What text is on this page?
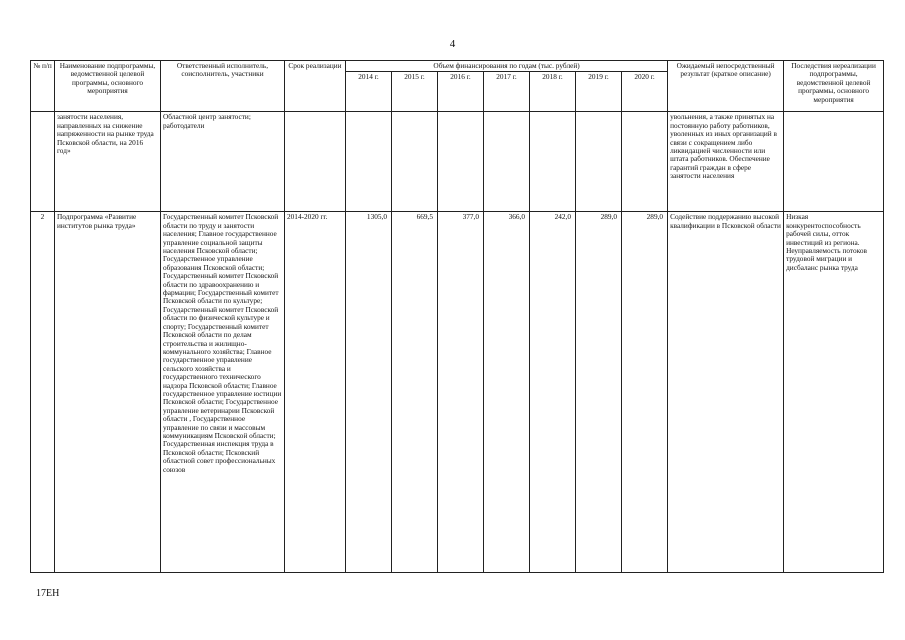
4
№ п/п	Наименование подпрограммы, ведомственной целевой программы, основного мероприятия	Ответственный исполнитель, соисполнитель, участники	Срок реализации	Объем финансирования по годам (тыс. рублей)							Ожидаемый непосредственный результат (краткое описание)	Последствия нереализации подпрограммы, ведомственной целевой программы, основного мероприятия
				2014 г.	2015 г.	2016 г.	2017 г.	2018 г.	2019 г.	2020 г.		
	занятости населения, направленных на снижение напряженности на рынке труда Псковской области, на 2016 год»	Областной центр занятости; работодатели									увольнения, а также принятых на постоянную работу работников, уволенных из иных организаций в связи с сокращением либо ликвидацией численности или штата работников. Обеспечение гарантий граждан в сфере занятости населения	
2	Подпрограмма «Развитие институтов рынка труда»	Государственный комитет Псковской области по труду и занятости населения; Главное государственное управление социальной защиты населения Псковской области; Государственное управление образования Псковской области; Государственный комитет Псковской области по здравоохранению и фармации; Государственный комитет Псковской области по культуре; Государственный комитет Псковской области по физической культуре и спорту; Государственный комитет Псковской области по делам строительства и жилищно-коммунального хозяйства; Главное государственное управление сельского хозяйства и государственного технического надзора Псковской области; Главное государственное управление юстиции Псковской области; Государственное управление ветеринарии Псковской области , Государственное управление по связи и массовым коммуникациям Псковской области; Государственная инспекция труда в Псковской области; Псковский областной совет профессиональных союзов	2014-2020 гг.	1305,0	669,5	377,0	366,0	242,0	289,0	289,0	Содействие поддержанию высокой квалификации в Псковской области	Низкая конкурентоспособность рабочей силы, отток инвестиций из региона. Неуправляемость потоков трудовой миграции и дисбаланс рынка труда
17ЕН
